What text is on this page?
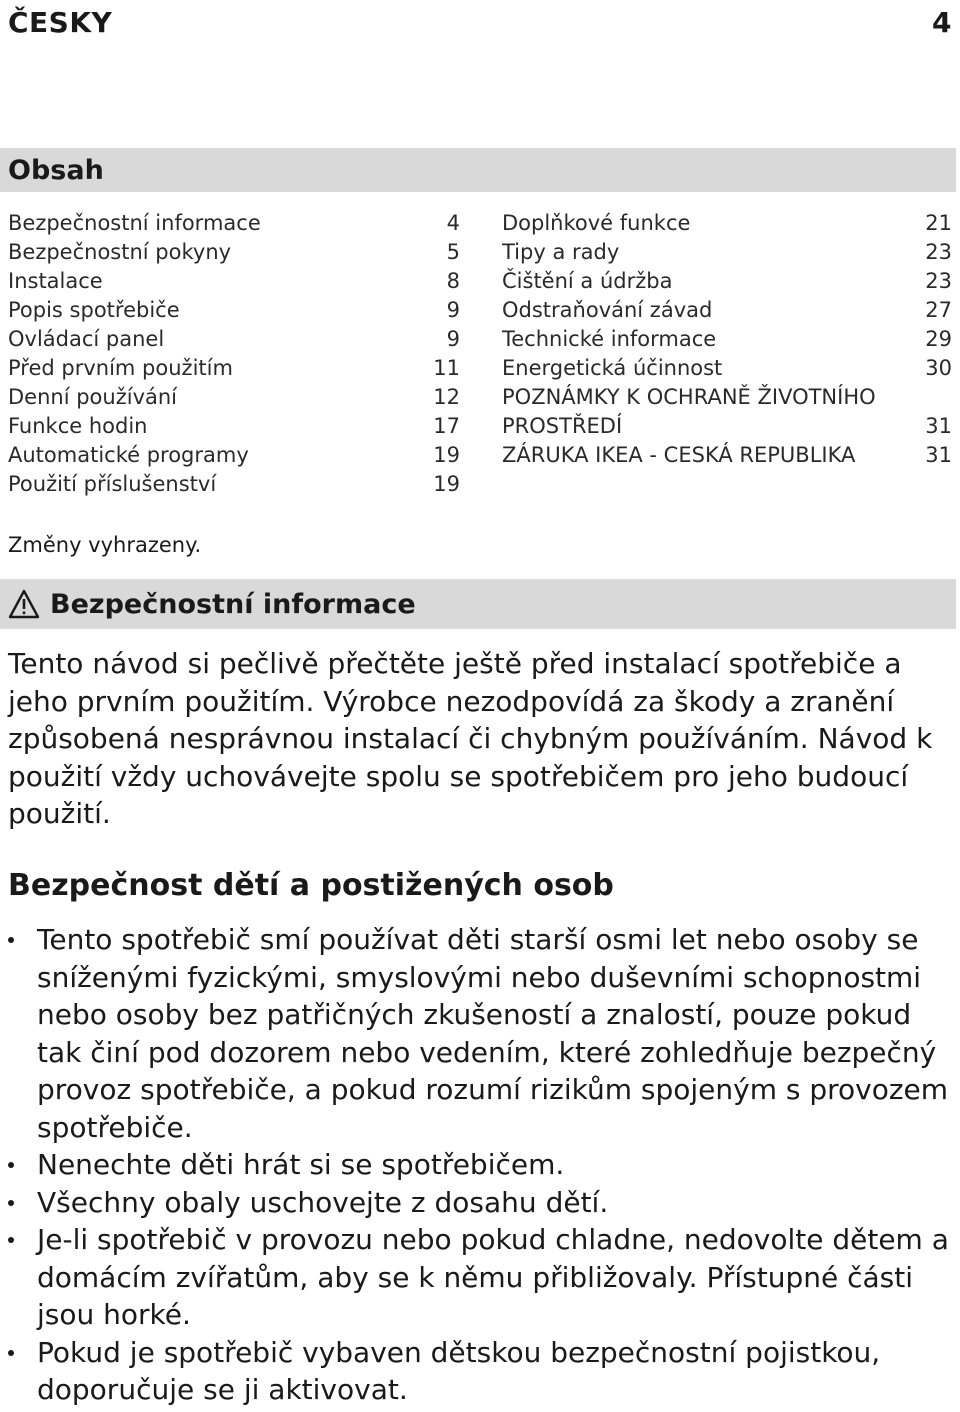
ČESKY	4
Obsah
Bezpečnostní informace	4
Bezpečnostní pokyny	5
Instalace	8
Popis spotřebiče	9
Ovládací panel	9
Před prvním použitím	11
Denní používání	12
Funkce hodin	17
Automatické programy	19
Použití příslušenství	19
Doplňkové funkce	21
Tipy a rady	23
Čištění a údržba	23
Odstraňování závad	27
Technické informace	29
Energetická účinnost	30
POZNÁMKY K OCHRANĚ ŽIVOTNÍHO
PROSTŘEDÍ	31
ZÁRUKA IKEA - CESKÁ REPUBLIKA	31
Změny vyhrazeny.
Bezpečnostní informace

Tento návod si pečlivě přečtěte ještě před instalací spotřebiče a jeho prvním použitím. Výrobce nezodpovídá za škody a zranění způsobená nesprávnou instalací či chybným používáním. Návod k použití vždy uchovávejte spolu se spotřebičem pro jeho budoucí použití.

Bezpečnost dětí a postižených osob
Tento spotřebič smí používat děti starší osmi let nebo osoby se sníženými fyzickými, smyslovými nebo duševními schopnostmi nebo osoby bez patřičných zkušeností a znalostí, pouze pokud tak činí pod dozorem nebo vedením, které zohledňuje bezpečný provoz spotřebiče, a pokud rozumí rizikům spojeným s provozem spotřebiče.
Nenechte děti hrát si se spotřebičem.
Všechny obaly uschovejte z dosahu dětí.
Je-li spotřebič v provozu nebo pokud chladne, nedovolte dětem a domácím zvířatům, aby se k němu přibližovaly. Přístupné části jsou horké.
Pokud je spotřebič vybaven dětskou bezpečnostní pojistkou, doporučuje se ji aktivovat.
